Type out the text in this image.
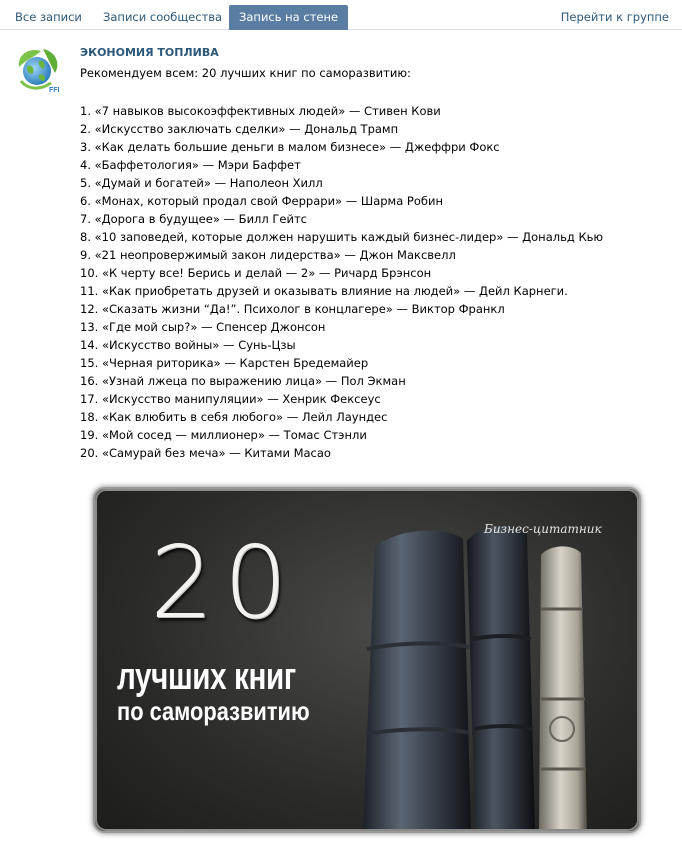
Все записи	Записи сообщества	Запись на стене	Перейти к группе
FFI
ЭКОНОМИЯ ТОПЛИВА
Рекомендуем всем: 20 лучших книг по саморазвитию:
1. «7 навыков высокоэффективных людей» — Стивен Кови
2. «Искусство заключать сделки» — Дональд Трамп
3. «Как делать большие деньги в малом бизнесе» — Джеффри Фокс
4. «Баффетология» — Мэри Баффет
5. «Думай и богатей» — Наполеон Хилл
6. «Монах, который продал свой Феррари» — Шарма Робин
7. «Дорога в будущее» — Билл Гейтс
8. «10 заповедей, которые должен нарушить каждый бизнес-лидер» — Дональд Кью
9. «21 неопровержимый закон лидерства» — Джон Максвелл
10. «К черту все! Берись и делай — 2» — Ричард Брэнсон
11. «Как приобретать друзей и оказывать влияние на людей» — Дейл Карнеги.
12. «Сказать жизни “Да!”. Психолог в концлагере» — Виктор Франкл
13. «Где мой сыр?» — Спенсер Джонсон
14. «Искусство войны» — Сунь-Цзы
15. «Черная риторика» — Карстен Бредемайер
16. «Узнай лжеца по выражению лица» — Пол Экман
17. «Искусство манипуляции» — Хенрик Фексеус
18. «Как влюбить в себя любого» — Лейл Лаундес
19. «Мой сосед — миллионер» — Томас Стэнли
20. «Самурай без меча» — Китами Масао
20
лучших книг
по саморазвитию
Бизнес-цитатник
